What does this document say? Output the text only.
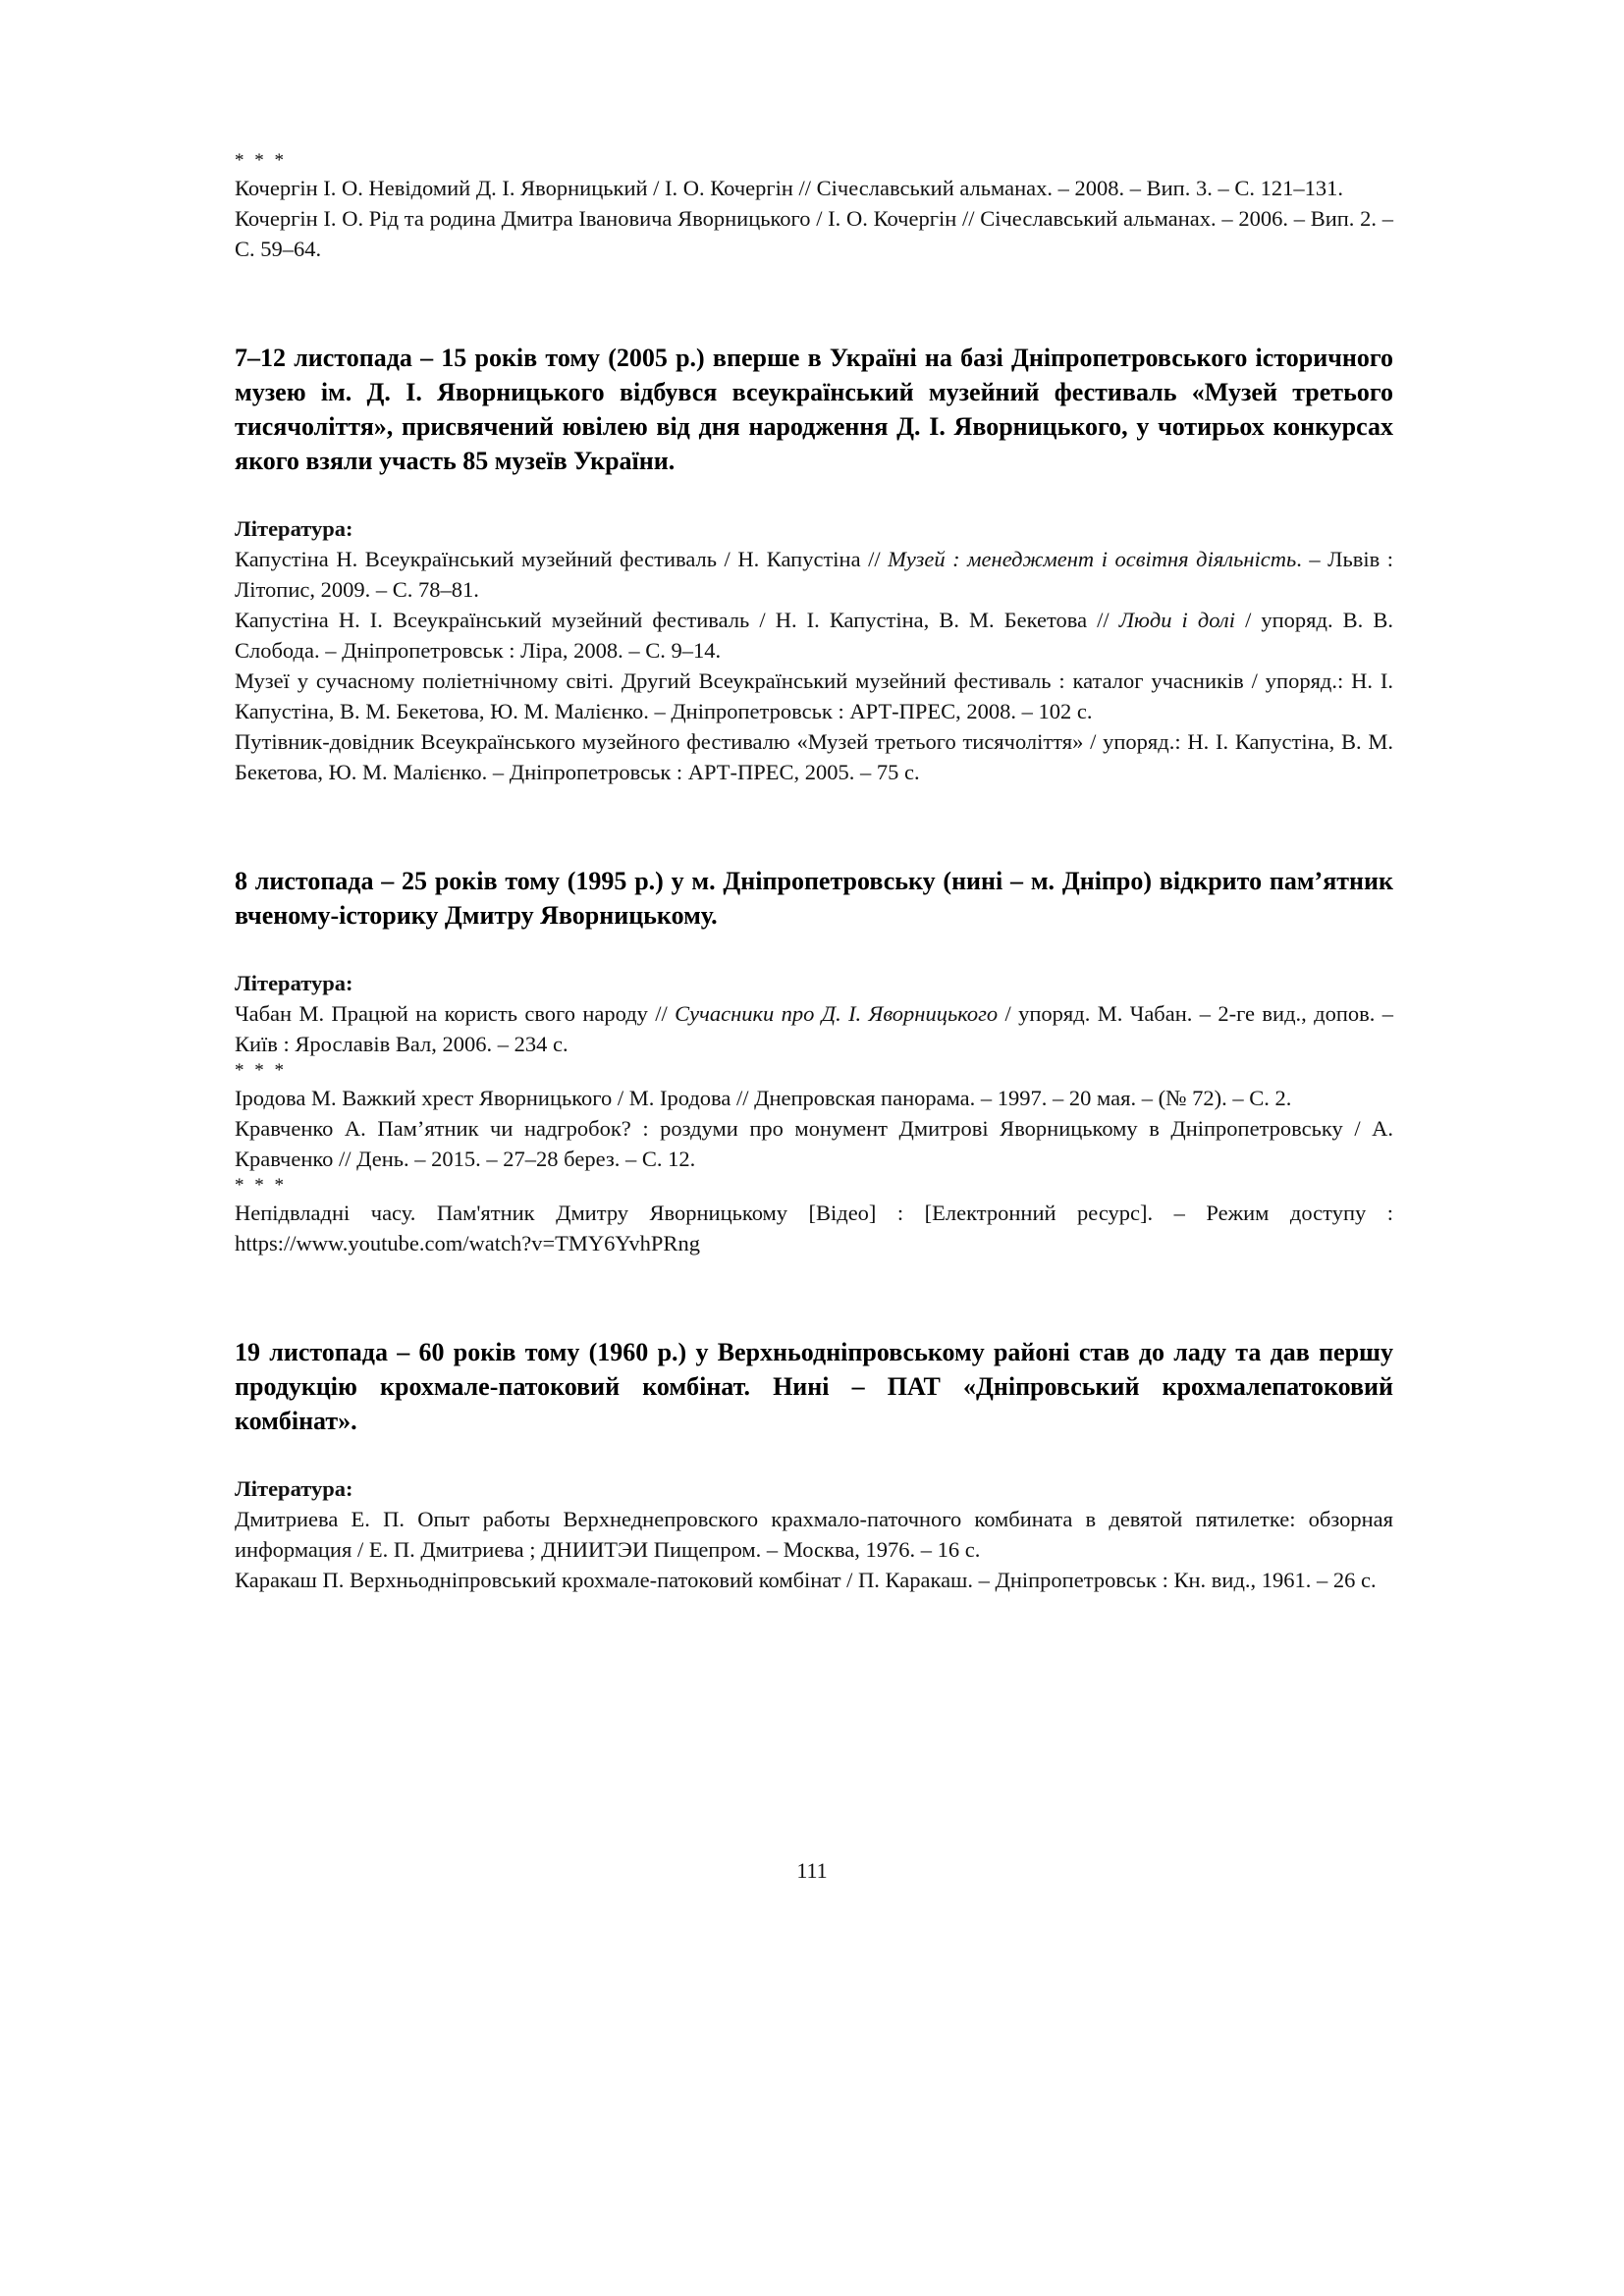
* * *

Кочергін І. О. Невідомий Д. І. Яворницький / І. О. Кочергін // Січеславський альманах. – 2008. – Вип. 3. – С. 121–131.

Кочергін І. О. Рід та родина Дмитра Івановича Яворницького / І. О. Кочергін // Січеславський альманах. – 2006. – Вип. 2. – С. 59–64.

7–12 листопада – 15 років тому (2005 р.) вперше в Україні на базі Дніпропетровського історичного музею ім. Д. І. Яворницького відбувся всеукраїнський музейний фестиваль «Музей третього тисячоліття», присвячений ювілею від дня народження Д. І. Яворницького, у чотирьох конкурсах якого взяли участь 85 музеїв України.

Література:

Капустіна Н. Всеукраїнський музейний фестиваль / Н. Капустіна // Музей : менеджмент і освітня діяльність. – Львів : Літопис, 2009. – С. 78–81.

Капустіна Н. І. Всеукраїнський музейний фестиваль / Н. І. Капустіна, В. М. Бекетова // Люди і долі / упоряд. В. В. Слобода. – Дніпропетровськ : Ліра, 2008. – С. 9–14.

Музеї у сучасному поліетнічному світі. Другий Всеукраїнський музейний фестиваль : каталог учасників / упоряд.: Н. І. Капустіна, В. М. Бекетова, Ю. М. Малієнко. – Дніпропетровськ : АРТ-ПРЕС, 2008. – 102 с.

Путівник-довідник Всеукраїнського музейного фестивалю «Музей третього тисячоліття» / упоряд.: Н. І. Капустіна, В. М. Бекетова, Ю. М. Малієнко. – Дніпропетровськ : АРТ-ПРЕС, 2005. – 75 с.

8 листопада – 25 років тому (1995 р.) у м. Дніпропетровську (нині – м. Дніпро) відкрито пам’ятник вченому-історику Дмитру Яворницькому.

Література:

Чабан М. Працюй на користь свого народу // Сучасники про Д. І. Яворницького / упоряд. М. Чабан. – 2-ге вид., допов. – Київ : Ярославів Вал, 2006. – 234 с.

* * *

Іродова М. Важкий хрест Яворницького / М. Іродова // Днепровская панорама. – 1997. – 20 мая. – (№ 72). – С. 2.

Кравченко А. Пам’ятник чи надгробок? : роздуми про монумент Дмитрові Яворницькому в Дніпропетровську / А. Кравченко // День. – 2015. – 27–28 берез. – С. 12.

* * *

Непідвладні часу. Пам'ятник Дмитру Яворницькому [Відео] : [Електронний ресурс]. – Режим доступу : https://www.youtube.com/watch?v=TMY6YvhPRng

19 листопада – 60 років тому (1960 р.) у Верхньодніпровському районі став до ладу та дав першу продукцію крохмале-патоковий комбінат. Нині – ПАТ «Дніпровський крохмалепатоковий комбінат».

Література:

Дмитриева Е. П. Опыт работы Верхнеднепровского крахмало-паточного комбината в девятой пятилетке: обзорная информация / Е. П. Дмитриева ; ДНИИТЭИ Пищепром. – Москва, 1976. – 16 с.

Каракаш П. Верхньодніпровський крохмале-патоковий комбінат / П. Каракаш. – Дніпропетровськ : Кн. вид., 1961. – 26 с.

111
